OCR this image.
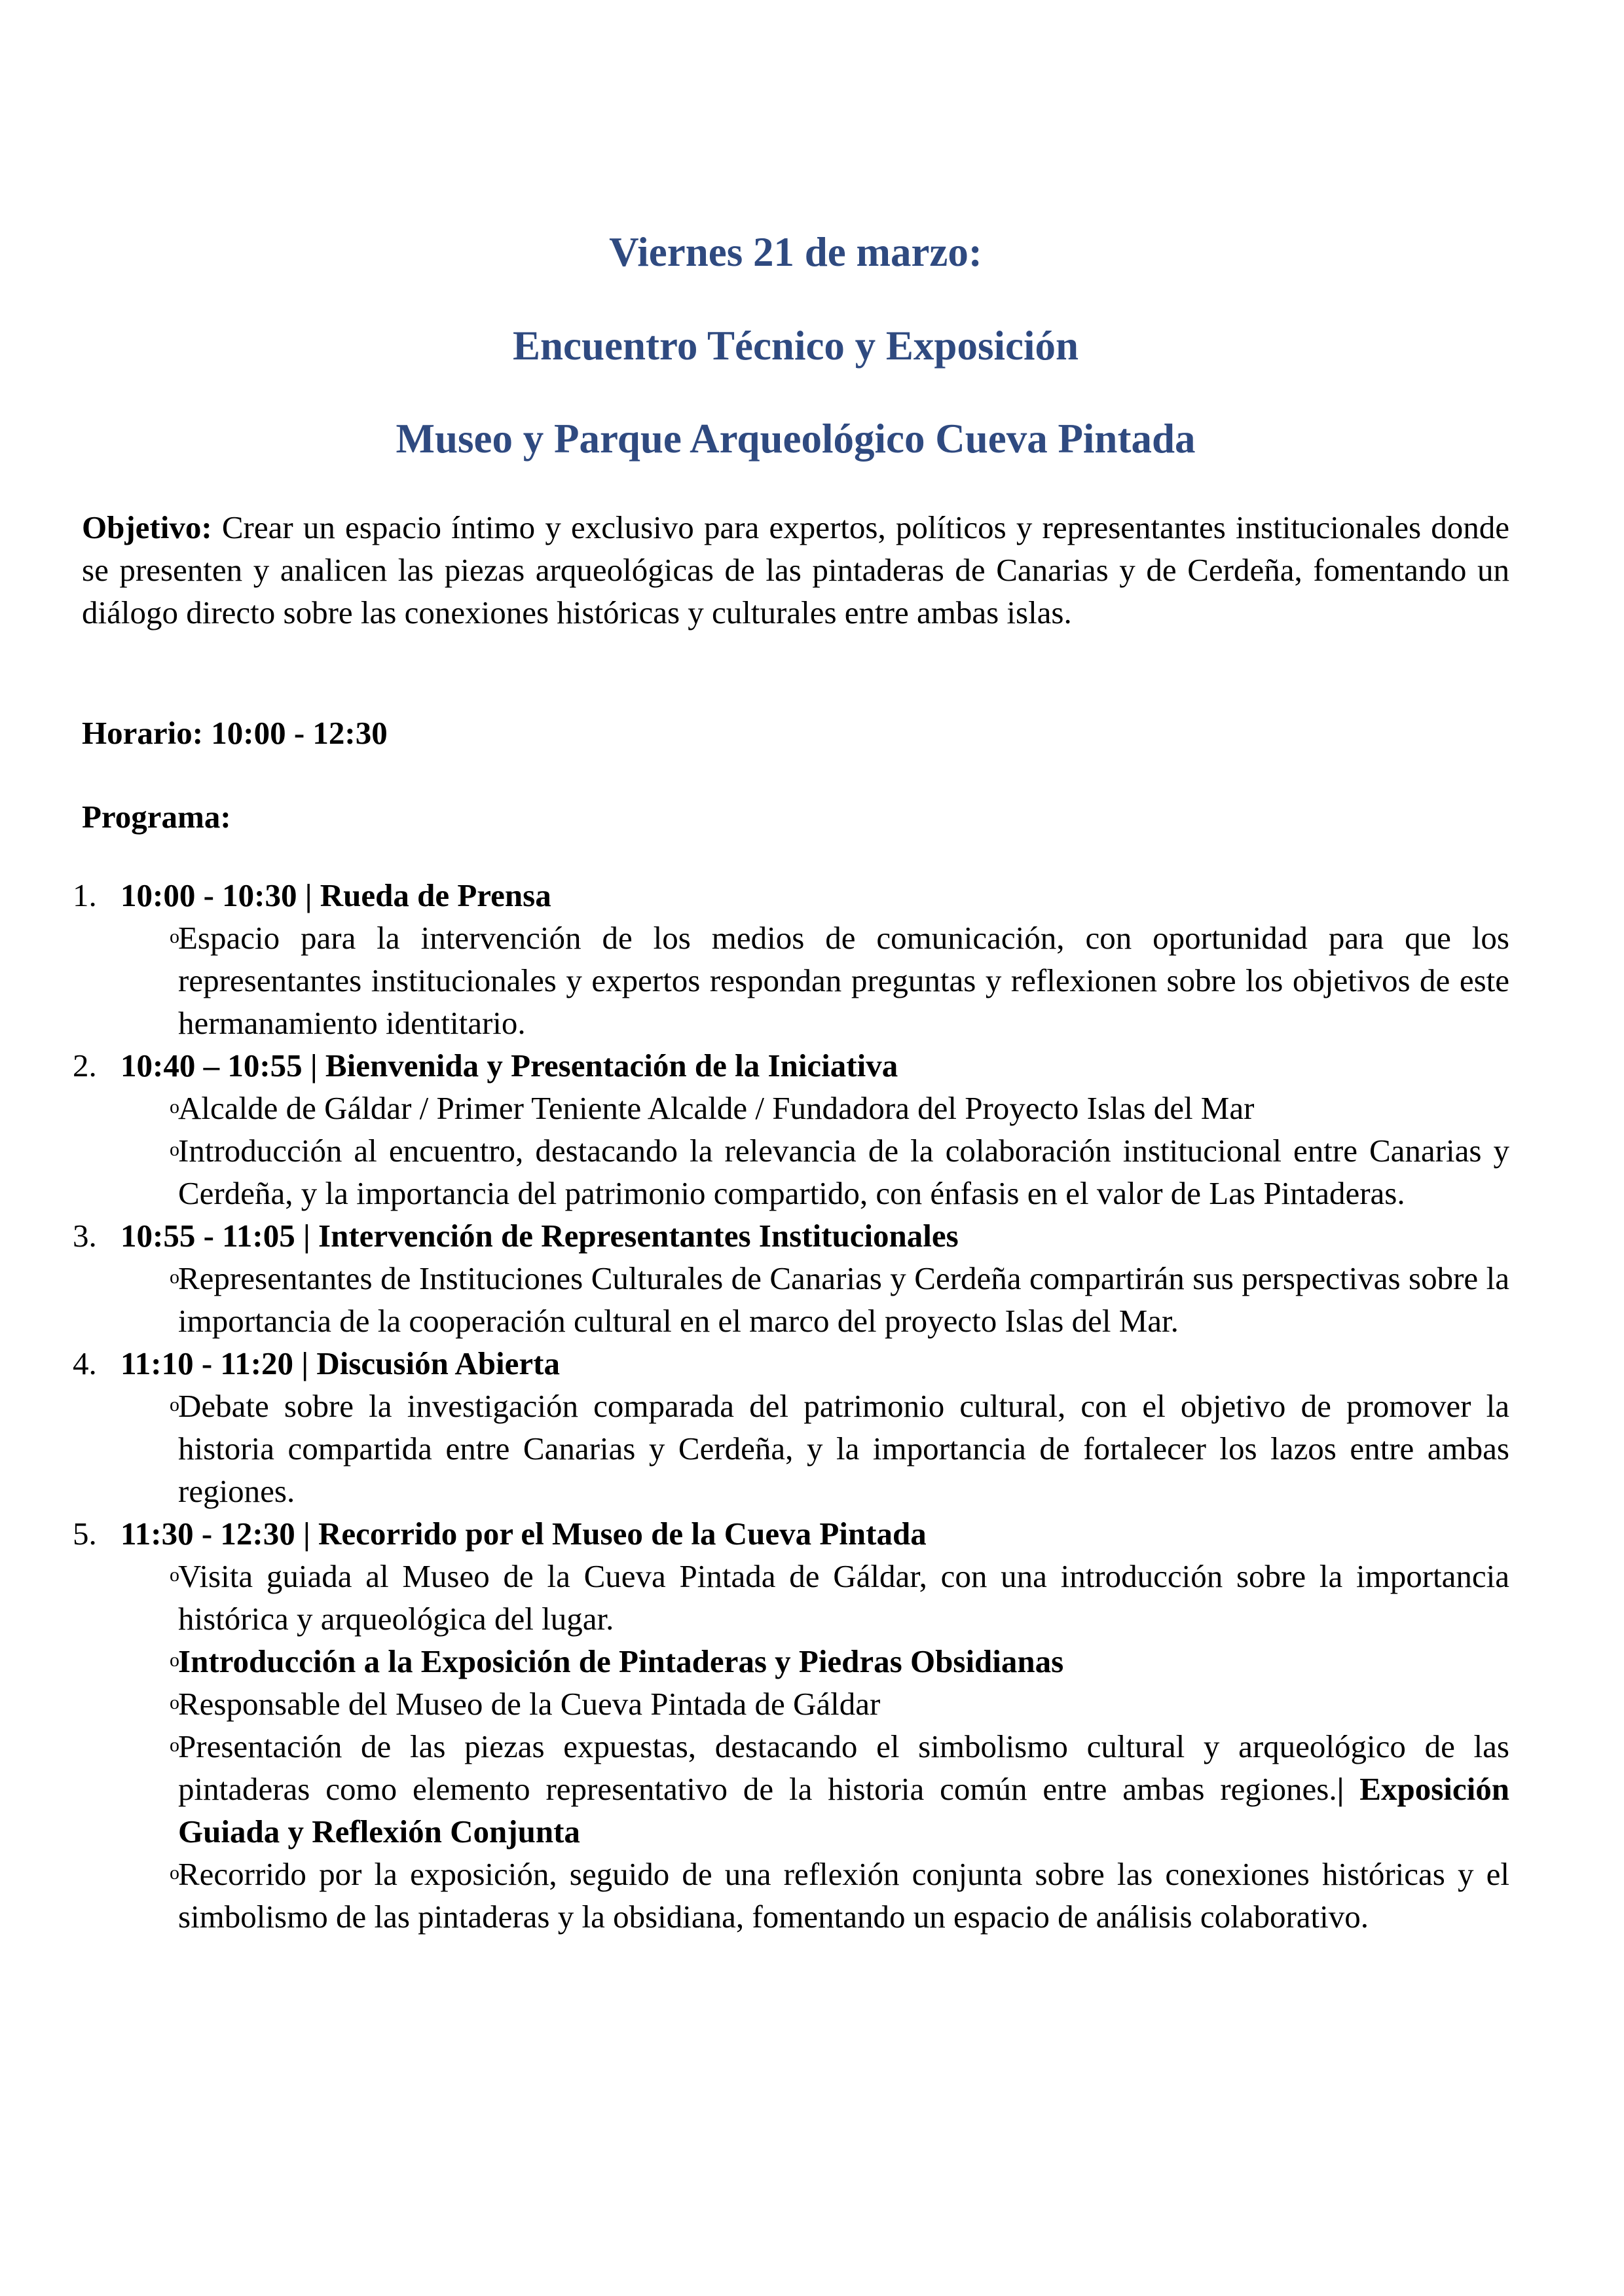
Viernes 21 de marzo:
Encuentro Técnico y Exposición
Museo y Parque Arqueológico Cueva Pintada
Objetivo: Crear un espacio íntimo y exclusivo para expertos, políticos y representantes institucionales donde se presenten y analicen las piezas arqueológicas de las pintaderas de Canarias y de Cerdeña, fomentando un diálogo directo sobre las conexiones históricas y culturales entre ambas islas.
Horario: 10:00 - 12:30
Programa:
1. 10:00 - 10:30 | Rueda de Prensa
o
Espacio para la intervención de los medios de comunicación, con oportunidad para que los representantes institucionales y expertos respondan preguntas y reflexionen sobre los objetivos de este hermanamiento identitario.
2. 10:40 – 10:55 | Bienvenida y Presentación de la Iniciativa
o
Alcalde de Gáldar / Primer Teniente Alcalde / Fundadora del Proyecto Islas del Mar
o
Introducción al encuentro, destacando la relevancia de la colaboración institucional entre Canarias y Cerdeña, y la importancia del patrimonio compartido, con énfasis en el valor de Las Pintaderas.
3. 10:55 - 11:05 | Intervención de Representantes Institucionales
o
Representantes de Instituciones Culturales de Canarias y Cerdeña compartirán sus perspectivas sobre la importancia de la cooperación cultural en el marco del proyecto Islas del Mar.
4. 11:10 - 11:20 | Discusión Abierta
o
Debate sobre la investigación comparada del patrimonio cultural, con el objetivo de promover la historia compartida entre Canarias y Cerdeña, y la importancia de fortalecer los lazos entre ambas regiones.
5. 11:30 - 12:30 | Recorrido por el Museo de la Cueva Pintada
o
Visita guiada al Museo de la Cueva Pintada de Gáldar, con una introducción sobre la importancia histórica y arqueológica del lugar.
o
Introducción a la Exposición de Pintaderas y Piedras Obsidianas
o
Responsable del Museo de la Cueva Pintada de Gáldar
o
Presentación de las piezas expuestas, destacando el simbolismo cultural y arqueológico de las pintaderas como elemento representativo de la historia común entre ambas regiones.| Exposición Guiada y Reflexión Conjunta
o
Recorrido por la exposición, seguido de una reflexión conjunta sobre las conexiones históricas y el simbolismo de las pintaderas y la obsidiana, fomentando un espacio de análisis colaborativo.
